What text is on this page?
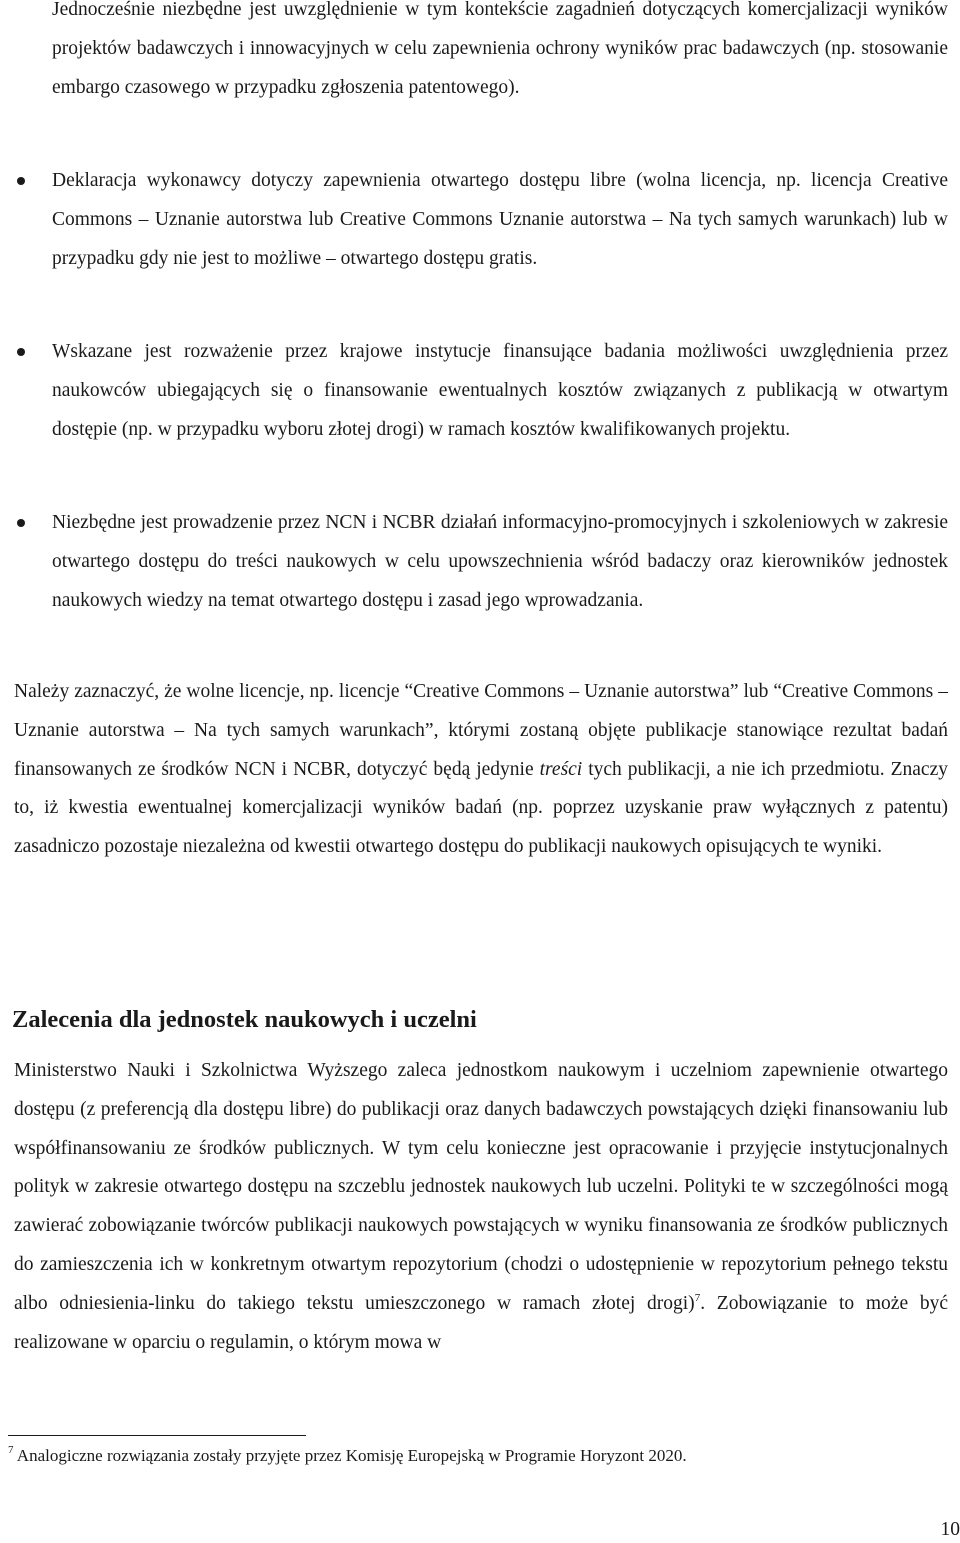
Jednocześnie niezbędne jest uwzględnienie w tym kontekście zagadnień dotyczących komercjalizacji wyników projektów badawczych i innowacyjnych w celu zapewnienia ochrony wyników prac badawczych (np. stosowanie embargo czasowego w przypadku zgłoszenia patentowego).

Deklaracja wykonawcy dotyczy zapewnienia otwartego dostępu libre (wolna licencja, np. licencja Creative Commons – Uznanie autorstwa lub Creative Commons Uznanie autorstwa – Na tych samych warunkach) lub w przypadku gdy nie jest to możliwe – otwartego dostępu gratis.

Wskazane jest rozważenie przez krajowe instytucje finansujące badania możliwości uwzględnienia przez naukowców ubiegających się o finansowanie ewentualnych kosztów związanych z publikacją w otwartym dostępie (np. w przypadku wyboru złotej drogi) w ramach kosztów kwalifikowanych projektu.

Niezbędne jest prowadzenie przez NCN i NCBR działań informacyjno-promocyjnych i szkoleniowych w zakresie otwartego dostępu do treści naukowych w celu upowszechnienia wśród badaczy oraz kierowników jednostek naukowych wiedzy na temat otwartego dostępu i zasad jego wprowadzania.

Należy zaznaczyć, że wolne licencje, np. licencje “Creative Commons – Uznanie autorstwa” lub “Creative Commons – Uznanie autorstwa – Na tych samych warunkach”, którymi zostaną objęte publikacje stanowiące rezultat badań finansowanych ze środków NCN i NCBR, dotyczyć będą jedynie treści tych publikacji, a nie ich przedmiotu. Znaczy to, iż kwestia ewentualnej komercjalizacji wyników badań (np. poprzez uzyskanie praw wyłącznych z patentu) zasadniczo pozostaje niezależna od kwestii otwartego dostępu do publikacji naukowych opisujących te wyniki.

Zalecenia dla jednostek naukowych i uczelni

Ministerstwo Nauki i Szkolnictwa Wyższego zaleca jednostkom naukowym i uczelniom zapewnienie otwartego dostępu (z preferencją dla dostępu libre) do publikacji oraz danych badawczych powstających dzięki finansowaniu lub współfinansowaniu ze środków publicznych. W tym celu konieczne jest opracowanie i przyjęcie instytucjonalnych polityk w zakresie otwartego dostępu na szczeblu jednostek naukowych lub uczelni. Polityki te w szczególności mogą zawierać zobowiązanie twórców publikacji naukowych powstających w wyniku finansowania ze środków publicznych do zamieszczenia ich w konkretnym otwartym repozytorium (chodzi o udostępnienie w repozytorium pełnego tekstu albo odniesienia-linku do takiego tekstu umieszczonego w ramach złotej drogi)$^7$. Zobowiązanie to może być realizowane w oparciu o regulamin, o którym mowa w

$^7$ Analogiczne rozwiązania zostały przyjęte przez Komisję Europejską w Programie Horyzont 2020.

10
